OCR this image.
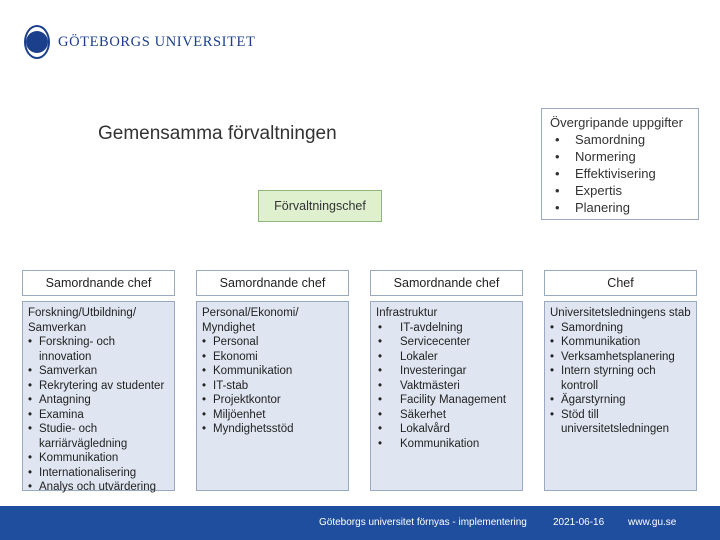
GÖTEBORGS UNIVERSITET
Gemensamma förvaltningen
Övergripande uppgifter
• Samordning
• Normering
• Effektivisering
• Expertis
• Planering
Förvaltningschef
Samordnande chef
Forskning/Utbildning/ Samverkan
• Forskning- och innovation
• Samverkan
• Rekrytering av studenter
• Antagning
• Examina
• Studie- och karriärvägledning
• Kommunikation
• Internationalisering
• Analys och utvärdering
Samordnande chef
Personal/Ekonomi/ Myndighet
• Personal
• Ekonomi
• Kommunikation
• IT-stab
• Projektkontor
• Miljöenhet
• Myndighetsstöd
Samordnande chef
Infrastruktur
• IT-avdelning
• Servicecenter
• Lokaler
• Investeringar
• Vaktmästeri
• Facility Management
• Säkerhet
• Lokalvård
• Kommunikation
Chef
Universitetsledningens stab
• Samordning
• Kommunikation
• Verksamhetsplanering
• Intern styrning och kontroll
• Ägarstyrning
• Stöd till universitetsledningen
Göteborgs universitet förnyas - implementering	2021-06-16 www.gu.se
